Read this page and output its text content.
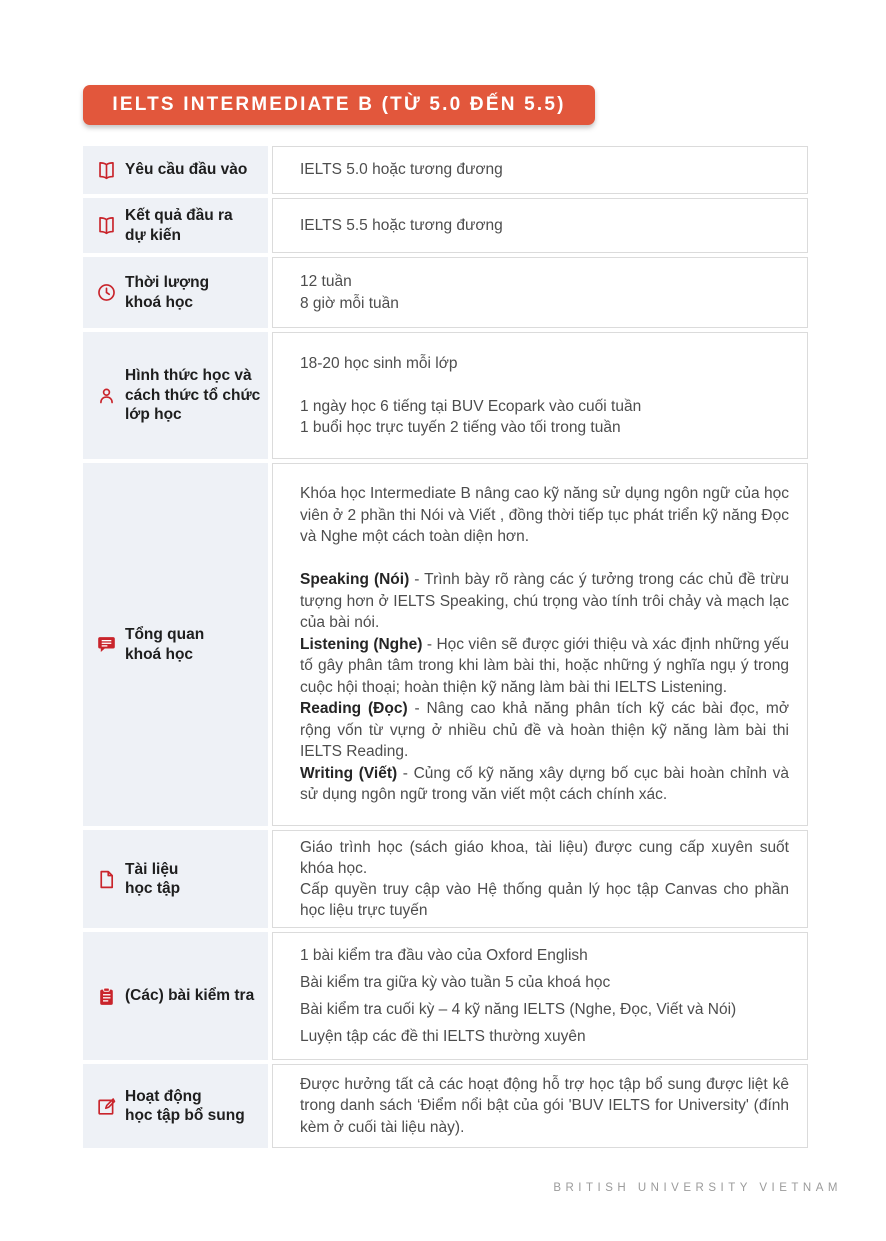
IELTS INTERMEDIATE B (TỪ 5.0 ĐẾN 5.5)
Yêu cầu đầu vào	IELTS 5.0 hoặc tương đương
Kết quả đầu ra
dự kiến
IELTS 5.5 hoặc tương đương
Thời lượng
khoá học
12 tuần
8 giờ mỗi tuần
Hình thức học và
cách thức tổ chức
lớp học
18-20 học sinh mỗi lớp
1 ngày học 6 tiếng tại BUV Ecopark vào cuối tuần
1 buổi học trực tuyến 2 tiếng vào tối trong tuần
Tổng quan
khoá học
Khóa học Intermediate B nâng cao kỹ năng sử dụng ngôn ngữ của học viên ở 2 phần thi Nói và Viết , đồng thời tiếp tục phát triển kỹ năng Đọc và Nghe một cách toàn diện hơn.
Speaking (Nói) - Trình bày rõ ràng các ý tưởng trong các chủ đề trừu tượng hơn ở IELTS Speaking, chú trọng vào tính trôi chảy và mạch lạc của bài nói.
Listening (Nghe) - Học viên sẽ được giới thiệu và xác định những yếu tố gây phân tâm trong khi làm bài thi, hoặc những ý nghĩa ngụ ý trong cuộc hội thoại; hoàn thiện kỹ năng làm bài thi IELTS Listening.
Reading (Đọc) - Nâng cao khả năng phân tích kỹ các bài đọc, mở rộng vốn từ vựng ở nhiều chủ đề và hoàn thiện kỹ năng làm bài thi IELTS Reading.
Writing (Viết) - Củng cố kỹ năng xây dựng bố cục bài hoàn chỉnh và sử dụng ngôn ngữ trong văn viết một cách chính xác.
Tài liệu
học tập
Giáo trình học (sách giáo khoa, tài liệu) được cung cấp xuyên suốt khóa học.
Cấp quyền truy cập vào Hệ thống quản lý học tập Canvas cho phần học liệu trực tuyến
(Các) bài kiểm tra
1 bài kiểm tra đầu vào của Oxford English
Bài kiểm tra giữa kỳ vào tuần 5 của khoá học
Bài kiểm tra cuối kỳ – 4 kỹ năng IELTS (Nghe, Đọc, Viết và Nói)
Luyện tập các đề thi IELTS thường xuyên
Hoạt động
học tập bổ sung
Được hưởng tất cả các hoạt động hỗ trợ học tập bổ sung được liệt kê trong danh sách ‘Điểm nổi bật của gói 'BUV IELTS for University' (đính kèm ở cuối tài liệu này).
BRITISH UNIVERSITY VIETNAM
